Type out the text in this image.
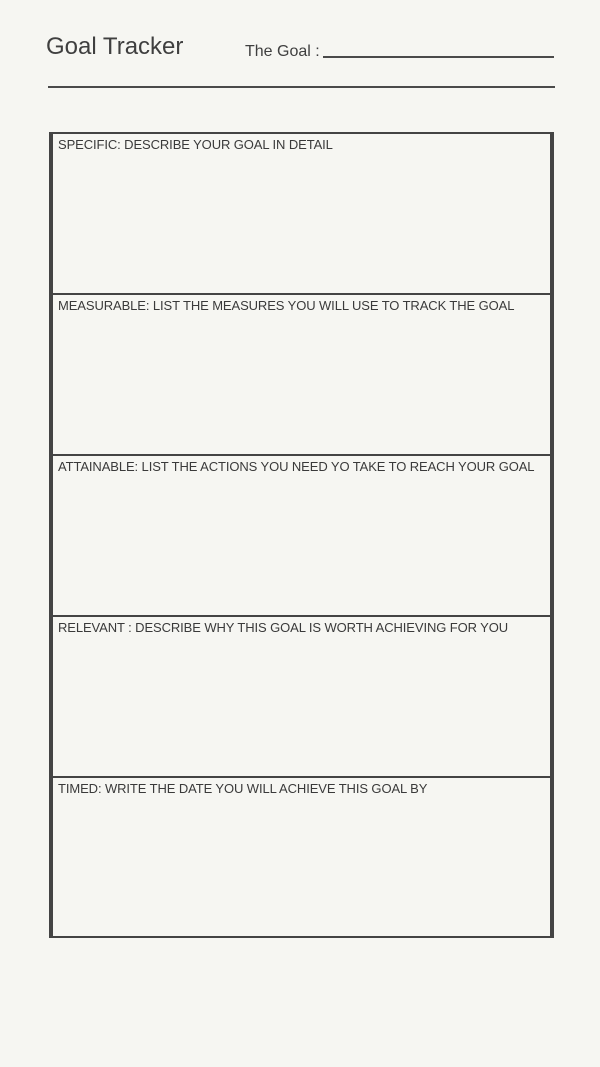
Goal Tracker	The Goal :
SPECIFIC: DESCRIBE YOUR GOAL IN DETAIL
MEASURABLE: LIST THE MEASURES YOU WILL USE TO TRACK THE GOAL
ATTAINABLE: LIST THE ACTIONS YOU NEED YO TAKE TO REACH YOUR GOAL
RELEVANT : DESCRIBE WHY THIS GOAL IS WORTH ACHIEVING FOR YOU
TIMED: WRITE THE DATE YOU WILL ACHIEVE THIS GOAL BY
